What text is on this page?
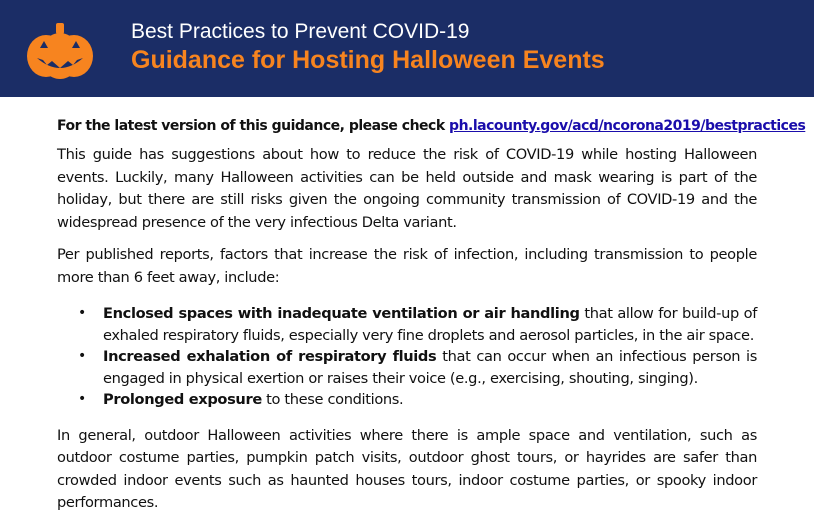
Best Practices to Prevent COVID-19
Guidance for Hosting Halloween Events
For the latest version of this guidance, please check ph.lacounty.gov/acd/ncorona2019/bestpractices

This guide has suggestions about how to reduce the risk of COVID-19 while hosting Halloween events. Luckily, many Halloween activities can be held outside and mask wearing is part of the holiday, but there are still risks given the ongoing community transmission of COVID-19 and the widespread presence of the very infectious Delta variant.

Per published reports, factors that increase the risk of infection, including transmission to people more than 6 feet away, include:

• Enclosed spaces with inadequate ventilation or air handling that allow for build-up of exhaled respiratory fluids, especially very fine droplets and aerosol particles, in the air space.
• Increased exhalation of respiratory fluids that can occur when an infectious person is engaged in physical exertion or raises their voice (e.g., exercising, shouting, singing).
• Prolonged exposure to these conditions.

In general, outdoor Halloween activities where there is ample space and ventilation, such as outdoor costume parties, pumpkin patch visits, outdoor ghost tours, or hayrides are safer than crowded indoor events such as haunted houses tours, indoor costume parties, or spooky indoor performances.
